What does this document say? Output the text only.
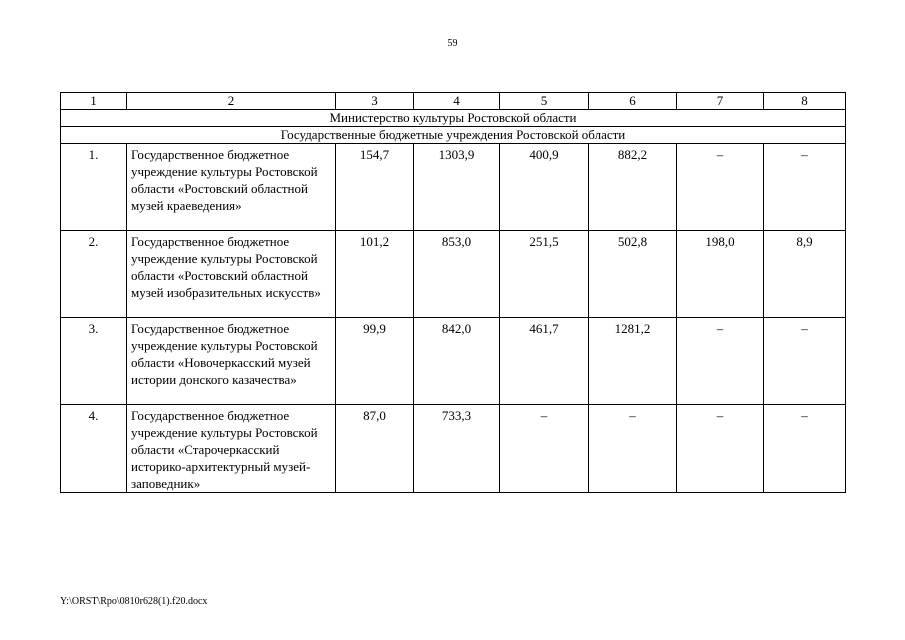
59
1	2	3	4	5	6	7	8
Министерство культуры Ростовской области							
Государственные бюджетные учреждения Ростовской области							
1.	Государственное бюджетное учреждение культуры Ростовской области «Ростовский областной музей краеведения»	154,7	1303,9	400,9	882,2	–	–
2.	Государственное бюджетное учреждение культуры Ростовской области «Ростовский областной музей изобразительных искусств»	101,2	853,0	251,5	502,8	198,0	8,9
3.	Государственное бюджетное учреждение культуры Ростовской области «Новочеркасский музей истории донского казачества»	99,9	842,0	461,7	1281,2	–	–
4.	Государственное бюджетное учреждение культуры Ростовской области «Старочеркасский историко-архитектурный музей-заповедник»	87,0	733,3	–	–	–	–
Y:\ORST\Rpo\0810r628(1).f20.docx
